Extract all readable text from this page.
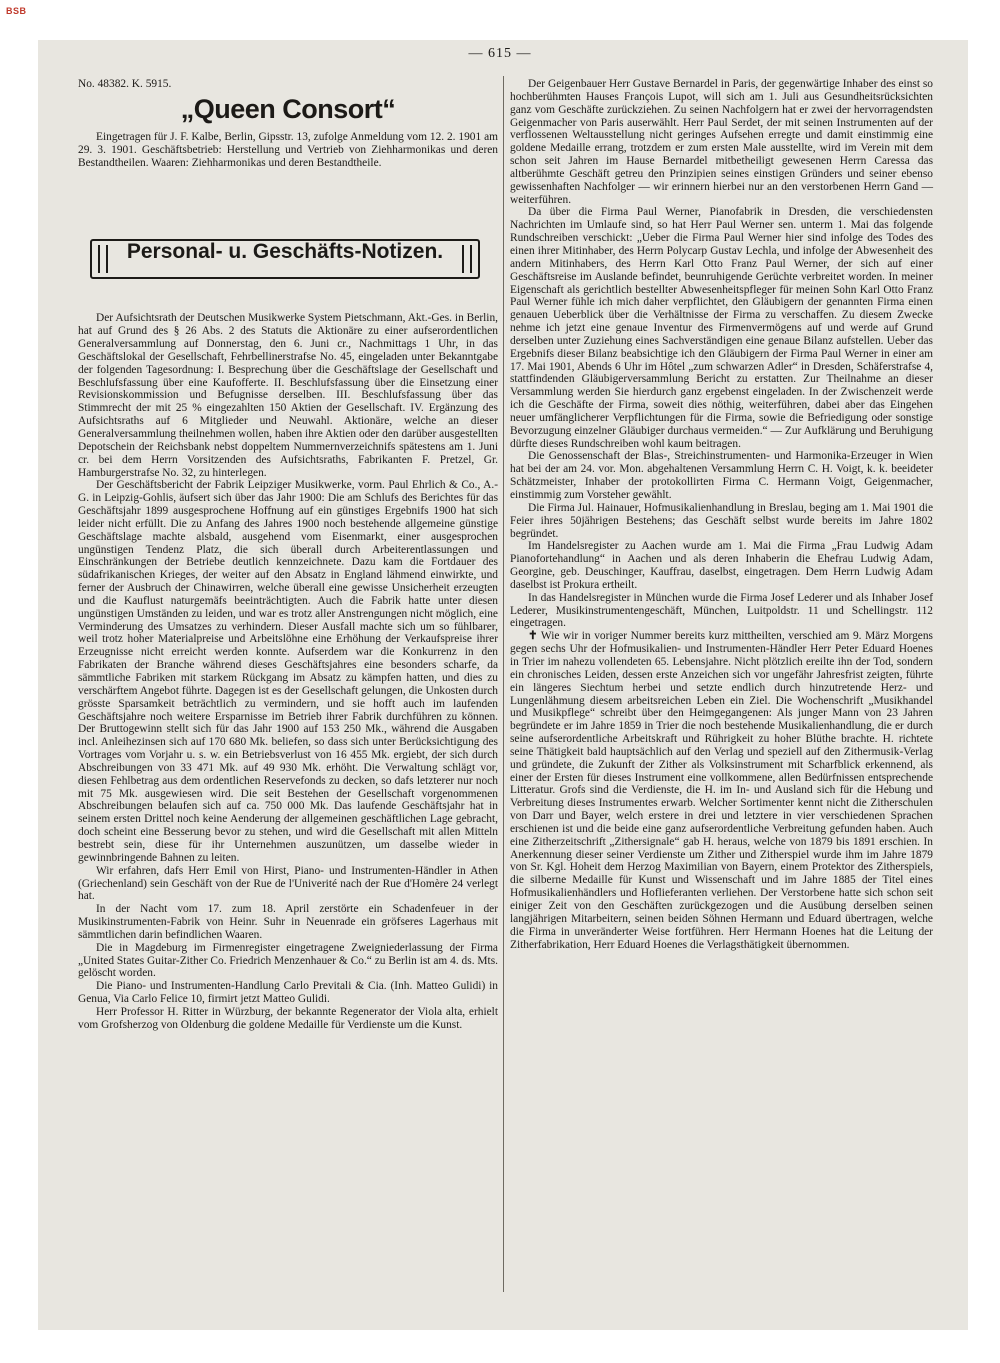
BSB
— 615 —

No. 48382. K. 5915.

„Queen Consort“

Eingetragen für J. F. Kalbe, Berlin, Gipsstr. 13, zufolge Anmeldung vom 12. 2. 1901 am 29. 3. 1901. Geschäftsbetrieb: Herstellung und Vertrieb von Ziehharmonikas und deren Bestandtheilen. Waaren: Ziehharmonikas und deren Bestandtheile.

Personal- u. Geschäfts-Notizen.

Der Aufsichtsrath der Deutschen Musikwerke System Pietschmann, Akt.-Ges. in Berlin, hat auf Grund des § 26 Abs. 2 des Statuts die Aktionäre zu einer aufserordentlichen Generalversammlung auf Donnerstag, den 6. Juni cr., Nachmittags 1 Uhr, in das Geschäftslokal der Gesellschaft, Fehrbellinerstrafse No. 45, eingeladen unter Bekanntgabe der folgenden Tagesordnung: I. Besprechung über die Geschäftslage der Gesellschaft und Beschlufsfassung über eine Kaufofferte. II. Beschlufsfassung über die Einsetzung einer Revisionskommission und Befugnisse derselben. III. Beschlufsfassung über das Stimmrecht der mit 25 % eingezahlten 150 Aktien der Gesellschaft. IV. Ergänzung des Aufsichtsraths auf 6 Mitglieder und Neuwahl. Aktionäre, welche an dieser Generalversammlung theilnehmen wollen, haben ihre Aktien oder den darüber ausgestellten Depotschein der Reichsbank nebst doppeltem Nummernverzeichnifs spätestens am 1. Juni cr. bei dem Herrn Vorsitzenden des Aufsichtsraths, Fabrikanten F. Pretzel, Gr. Hamburgerstrafse No. 32, zu hinterlegen.

Der Geschäftsbericht der Fabrik Leipziger Musikwerke, vorm. Paul Ehrlich & Co., A.-G. in Leipzig-Gohlis, äufsert sich über das Jahr 1900: Die am Schlufs des Berichtes für das Geschäftsjahr 1899 ausgesprochene Hoffnung auf ein günstiges Ergebnifs 1900 hat sich leider nicht erfüllt. Die zu Anfang des Jahres 1900 noch bestehende allgemeine günstige Geschäftslage machte alsbald, ausgehend vom Eisenmarkt, einer ausgesprochen ungünstigen Tendenz Platz, die sich überall durch Arbeiterentlassungen und Einschränkungen der Betriebe deutlich kennzeichnete. Dazu kam die Fortdauer des südafrikanischen Krieges, der weiter auf den Absatz in England lähmend einwirkte, und ferner der Ausbruch der Chinawirren, welche überall eine gewisse Unsicherheit erzeugten und die Kauflust naturgemäfs beeinträchtigten. Auch die Fabrik hatte unter diesen ungünstigen Umständen zu leiden, und war es trotz aller Anstrengungen nicht möglich, eine Verminderung des Umsatzes zu verhindern. Dieser Ausfall machte sich um so fühlbarer, weil trotz hoher Materialpreise und Arbeitslöhne eine Erhöhung der Verkaufspreise ihrer Erzeugnisse nicht erreicht werden konnte. Aufserdem war die Konkurrenz in den Fabrikaten der Branche während dieses Geschäftsjahres eine besonders scharfe, da sämmtliche Fabriken mit starkem Rückgang im Absatz zu kämpfen hatten, und dies zu verschärftem Angebot führte. Dagegen ist es der Gesellschaft gelungen, die Unkosten durch grösste Sparsamkeit beträchtlich zu vermindern, und sie hofft auch im laufenden Geschäftsjahre noch weitere Ersparnisse im Betrieb ihrer Fabrik durchführen zu können. Der Bruttogewinn stellt sich für das Jahr 1900 auf 153 250 Mk., während die Ausgaben incl. Anleihezinsen sich auf 170 680 Mk. beliefen, so dass sich unter Berücksichtigung des Vortrages vom Vorjahr u. s. w. ein Betriebsverlust von 16 455 Mk. ergiebt, der sich durch Abschreibungen von 33 471 Mk. auf 49 930 Mk. erhöht. Die Verwaltung schlägt vor, diesen Fehlbetrag aus dem ordentlichen Reservefonds zu decken, so dafs letzterer nur noch mit 75 Mk. ausgewiesen wird. Die seit Bestehen der Gesellschaft vorgenommenen Abschreibungen belaufen sich auf ca. 750 000 Mk. Das laufende Geschäftsjahr hat in seinem ersten Drittel noch keine Aenderung der allgemeinen geschäftlichen Lage gebracht, doch scheint eine Besserung bevor zu stehen, und wird die Gesellschaft mit allen Mitteln bestrebt sein, diese für ihr Unternehmen auszunützen, um dasselbe wieder in gewinnbringende Bahnen zu leiten.

Wir erfahren, dafs Herr Emil von Hirst, Piano- und Instrumenten-Händler in Athen (Griechenland) sein Geschäft von der Rue de l'Univerité nach der Rue d'Homère 24 verlegt hat.

In der Nacht vom 17. zum 18. April zerstörte ein Schadenfeuer in der Musikinstrumenten-Fabrik von Heinr. Suhr in Neuenrade ein gröfseres Lagerhaus mit sämmtlichen darin befindlichen Waaren.

Die in Magdeburg im Firmenregister eingetragene Zweigniederlassung der Firma „United States Guitar-Zither Co. Friedrich Menzenhauer & Co.“ zu Berlin ist am 4. ds. Mts. gelöscht worden.

Die Piano- und Instrumenten-Handlung Carlo Previtali & Cia. (Inh. Matteo Gulidi) in Genua, Via Carlo Felice 10, firmirt jetzt Matteo Gulidi.

Herr Professor H. Ritter in Würzburg, der bekannte Regenerator der Viola alta, erhielt vom Grofsherzog von Oldenburg die goldene Medaille für Verdienste um die Kunst.

Der Geigenbauer Herr Gustave Bernardel in Paris, der gegenwärtige Inhaber des einst so hochberühmten Hauses François Lupot, will sich am 1. Juli aus Gesundheitsrücksichten ganz vom Geschäfte zurückziehen. Zu seinen Nachfolgern hat er zwei der hervorragendsten Geigenmacher von Paris auserwählt. Herr Paul Serdet, der mit seinen Instrumenten auf der verflossenen Weltausstellung nicht geringes Aufsehen erregte und damit einstimmig eine goldene Medaille errang, trotzdem er zum ersten Male ausstellte, wird im Verein mit dem schon seit Jahren im Hause Bernardel mitbetheiligt gewesenen Herrn Caressa das altberühmte Geschäft getreu den Prinzipien seines einstigen Gründers und seiner ebenso gewissenhaften Nachfolger — wir erinnern hierbei nur an den verstorbenen Herrn Gand — weiterführen.

Da über die Firma Paul Werner, Pianofabrik in Dresden, die verschiedensten Nachrichten im Umlaufe sind, so hat Herr Paul Werner sen. unterm 1. Mai das folgende Rundschreiben verschickt: „Ueber die Firma Paul Werner hier sind infolge des Todes des einen ihrer Mitinhaber, des Herrn Polycarp Gustav Lechla, und infolge der Abwesenheit des andern Mitinhabers, des Herrn Karl Otto Franz Paul Werner, der sich auf einer Geschäftsreise im Auslande befindet, beunruhigende Gerüchte verbreitet worden. In meiner Eigenschaft als gerichtlich bestellter Abwesenheitspfleger für meinen Sohn Karl Otto Franz Paul Werner fühle ich mich daher verpflichtet, den Gläubigern der genannten Firma einen genauen Ueberblick über die Verhältnisse der Firma zu verschaffen. Zu diesem Zwecke nehme ich jetzt eine genaue Inventur des Firmenvermögens auf und werde auf Grund derselben unter Zuziehung eines Sachverständigen eine genaue Bilanz aufstellen. Ueber das Ergebnifs dieser Bilanz beabsichtige ich den Gläubigern der Firma Paul Werner in einer am 17. Mai 1901, Abends 6 Uhr im Hôtel „zum schwarzen Adler“ in Dresden, Schäferstrafse 4, stattfindenden Gläubigerversammlung Bericht zu erstatten. Zur Theilnahme an dieser Versammlung werden Sie hierdurch ganz ergebenst eingeladen. In der Zwischenzeit werde ich die Geschäfte der Firma, soweit dies nöthig, weiterführen, dabei aber das Eingehen neuer umfänglicherer Verpflichtungen für die Firma, sowie die Befriedigung oder sonstige Bevorzugung einzelner Gläubiger durchaus vermeiden.“ — Zur Aufklärung und Beruhigung dürfte dieses Rundschreiben wohl kaum beitragen.

Die Genossenschaft der Blas-, Streichinstrumenten- und Harmonika-Erzeuger in Wien hat bei der am 24. vor. Mon. abgehaltenen Versammlung Herrn C. H. Voigt, k. k. beeideter Schätzmeister, Inhaber der protokollirten Firma C. Hermann Voigt, Geigenmacher, einstimmig zum Vorsteher gewählt.

Die Firma Jul. Hainauer, Hofmusikalienhandlung in Breslau, beging am 1. Mai 1901 die Feier ihres 50jährigen Bestehens; das Geschäft selbst wurde bereits im Jahre 1802 begründet.

Im Handelsregister zu Aachen wurde am 1. Mai die Firma „Frau Ludwig Adam Pianofortehandlung“ in Aachen und als deren Inhaberin die Ehefrau Ludwig Adam, Georgine, geb. Deuschinger, Kauffrau, daselbst, eingetragen. Dem Herrn Ludwig Adam daselbst ist Prokura ertheilt.

In das Handelsregister in München wurde die Firma Josef Lederer und als Inhaber Josef Lederer, Musikinstrumentengeschäft, München, Luitpoldstr. 11 und Schellingstr. 112 eingetragen.

✝ Wie wir in voriger Nummer bereits kurz mittheilten, verschied am 9. März Morgens gegen sechs Uhr der Hofmusikalien- und Instrumenten-Händler Herr Peter Eduard Hoenes in Trier im nahezu vollendeten 65. Lebensjahre. Nicht plötzlich ereilte ihn der Tod, sondern ein chronisches Leiden, dessen erste Anzeichen sich vor ungefähr Jahresfrist zeigten, führte ein längeres Siechtum herbei und setzte endlich durch hinzutretende Herz- und Lungenlähmung diesem arbeitsreichen Leben ein Ziel. Die Wochenschrift „Musikhandel und Musikpflege“ schreibt über den Heimgegangenen: Als junger Mann von 23 Jahren begründete er im Jahre 1859 in Trier die noch bestehende Musikalienhandlung, die er durch seine aufserordentliche Arbeitskraft und Rührigkeit zu hoher Blüthe brachte. H. richtete seine Thätigkeit bald hauptsächlich auf den Verlag und speziell auf den Zithermusik-Verlag und gründete, die Zukunft der Zither als Volksinstrument mit Scharfblick erkennend, als einer der Ersten für dieses Instrument eine vollkommene, allen Bedürfnissen entsprechende Litteratur. Grofs sind die Verdienste, die H. im In- und Ausland sich für die Hebung und Verbreitung dieses Instrumentes erwarb. Welcher Sortimenter kennt nicht die Zitherschulen von Darr und Bayer, welch erstere in drei und letztere in vier verschiedenen Sprachen erschienen ist und die beide eine ganz aufserordentliche Verbreitung gefunden haben. Auch eine Zitherzeitschrift „Zithersignale“ gab H. heraus, welche von 1879 bis 1891 erschien. In Anerkennung dieser seiner Verdienste um Zither und Zitherspiel wurde ihm im Jahre 1879 von Sr. Kgl. Hoheit dem Herzog Maximilian von Bayern, einem Protektor des Zitherspiels, die silberne Medaille für Kunst und Wissenschaft und im Jahre 1885 der Titel eines Hofmusikalienhändlers und Hoflieferanten verliehen. Der Verstorbene hatte sich schon seit einiger Zeit von den Geschäften zurückgezogen und die Ausübung derselben seinen langjährigen Mitarbeitern, seinen beiden Söhnen Hermann und Eduard übertragen, welche die Firma in unveränderter Weise fortführen. Herr Hermann Hoenes hat die Leitung der Zitherfabrikation, Herr Eduard Hoenes die Verlagsthätigkeit übernommen.
